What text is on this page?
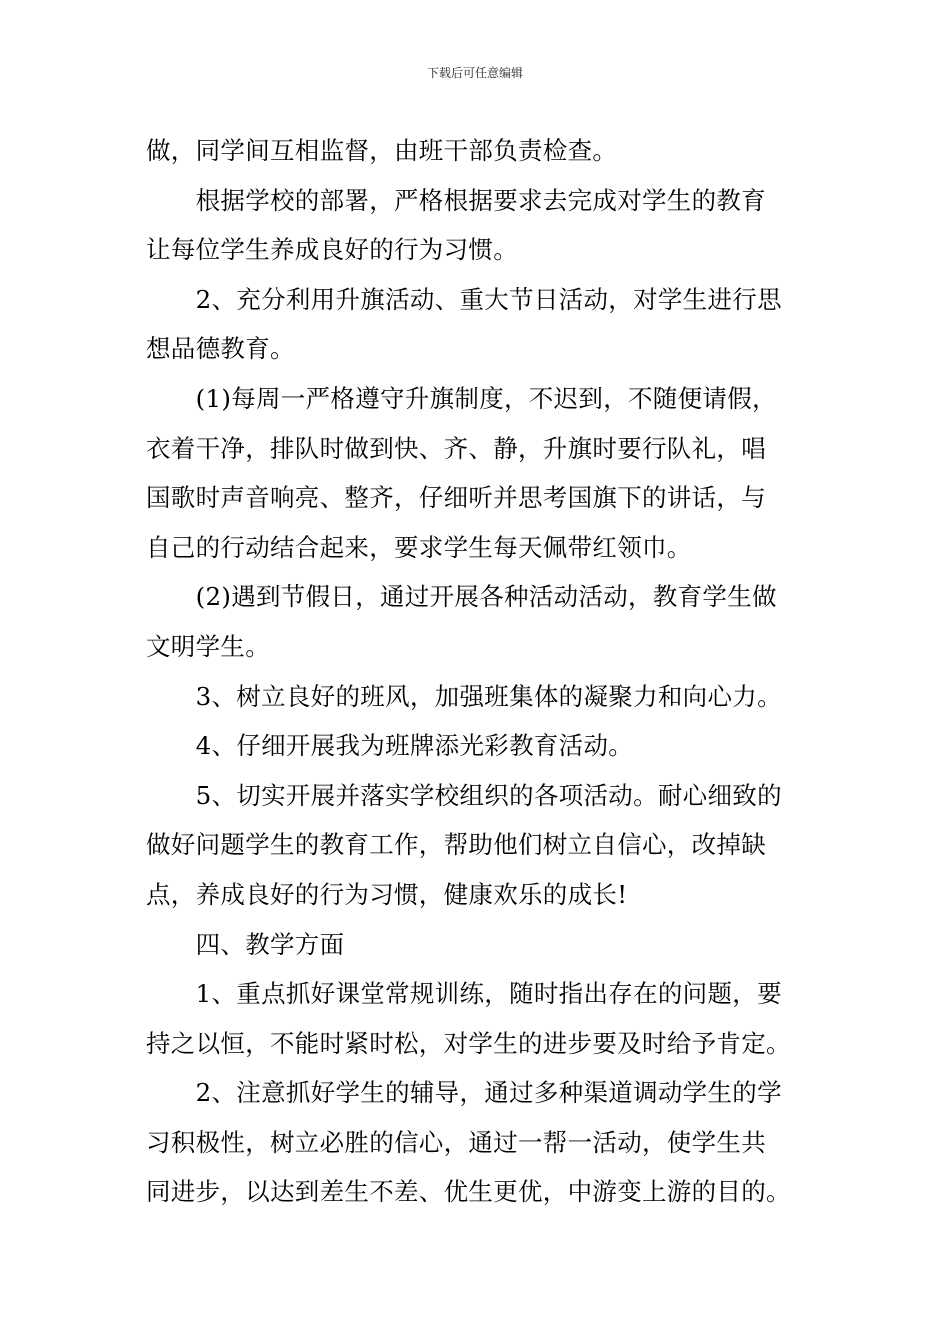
下载后可任意编辑

做，同学间互相监督，由班干部负责检查。

　　根据学校的部署，严格根据要求去完成对学生的教育
让每位学生养成良好的行为习惯。

　　2、充分利用升旗活动、重大节日活动，对学生进行思
想品德教育。

　　(1)每周一严格遵守升旗制度，不迟到，不随便请假，
衣着干净，排队时做到快、齐、静，升旗时要行队礼，唱
国歌时声音响亮、整齐，仔细听并思考国旗下的讲话，与
自己的行动结合起来，要求学生每天佩带红领巾。

　　(2)遇到节假日，通过开展各种活动活动，教育学生做
文明学生。

　　3、树立良好的班风，加强班集体的凝聚力和向心力。

　　4、仔细开展我为班牌添光彩教育活动。

　　5、切实开展并落实学校组织的各项活动。耐心细致的
做好问题学生的教育工作，帮助他们树立自信心，改掉缺
点，养成良好的行为习惯，健康欢乐的成长!

　　四、教学方面

　　1、重点抓好课堂常规训练，随时指出存在的问题，要
持之以恒，不能时紧时松，对学生的进步要及时给予肯定。

　　2、注意抓好学生的辅导，通过多种渠道调动学生的学
习积极性，树立必胜的信心，通过一帮一活动，使学生共
同进步，以达到差生不差、优生更优，中游变上游的目的。
